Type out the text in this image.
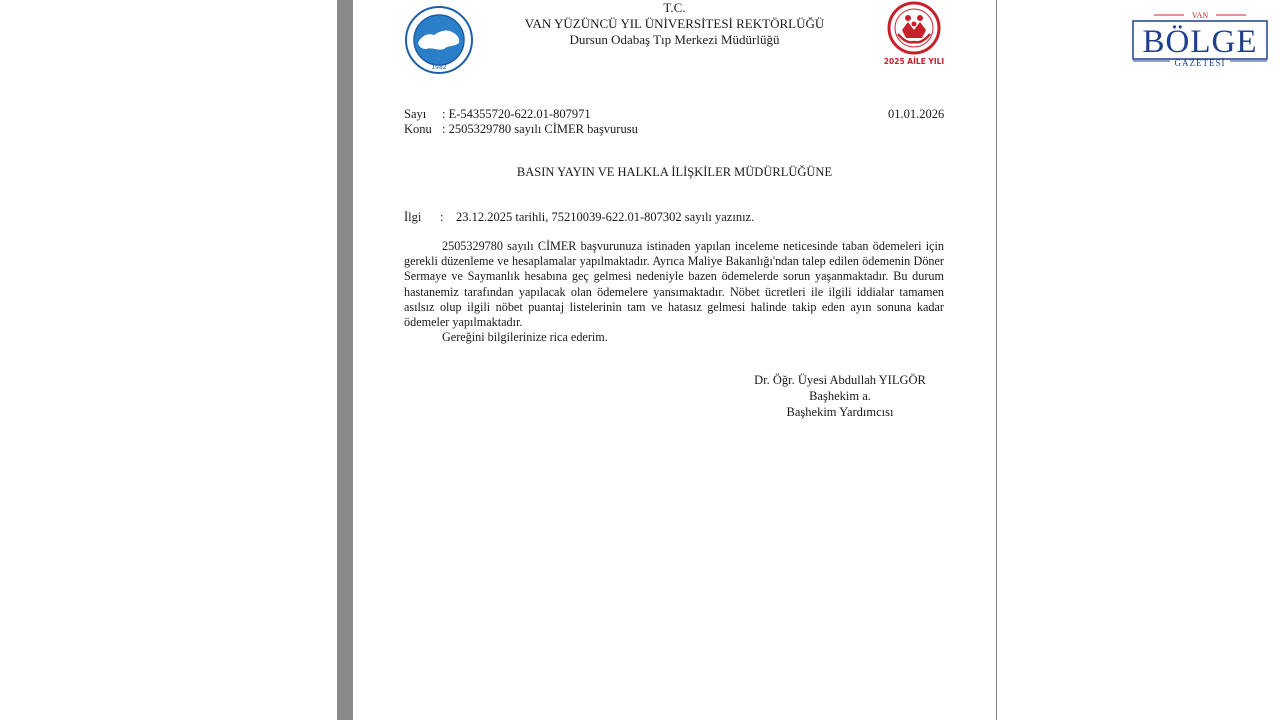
1982
T.C.
VAN YÜZÜNCÜ YIL ÜNİVERSİTESİ REKTÖRLÜĞÜ
Dursun Odabaş Tıp Merkezi Müdürlüğü
2025 AİLE YILI
Sayı : E-54355720-622.01-807971	01.01.2026
Konu : 2505329780 sayılı CİMER başvurusu
BASIN YAYIN VE HALKLA İLİŞKİLER MÜDÜRLÜĞÜNE
İlgi : 23.12.2025 tarihli, 75210039-622.01-807302 sayılı yazınız.

2505329780 sayılı CİMER başvurunuza istinaden yapılan inceleme neticesinde taban ödemeleri için gerekli düzenleme ve hesaplamalar yapılmaktadır. Ayrıca Maliye Bakanlığı'ndan talep edilen ödemenin Döner Sermaye ve Saymanlık hesabına geç gelmesi nedeniyle bazen ödemelerde sorun yaşanmaktadır. Bu durum hastanemiz tarafından yapılacak olan ödemelere yansımaktadır. Nöbet ücretleri ile ilgili iddialar tamamen asılsız olup ilgili nöbet puantaj listelerinin tam ve hatasız gelmesi halinde takip eden ayın sonuna kadar ödemeler yapılmaktadır.

Gereğini bilgilerinize rica ederim.

Dr. Öğr. Üyesi Abdullah YILGÖR
Başhekim a.
Başhekim Yardımcısı
VAN
BÖLGE
GAZETESİ
